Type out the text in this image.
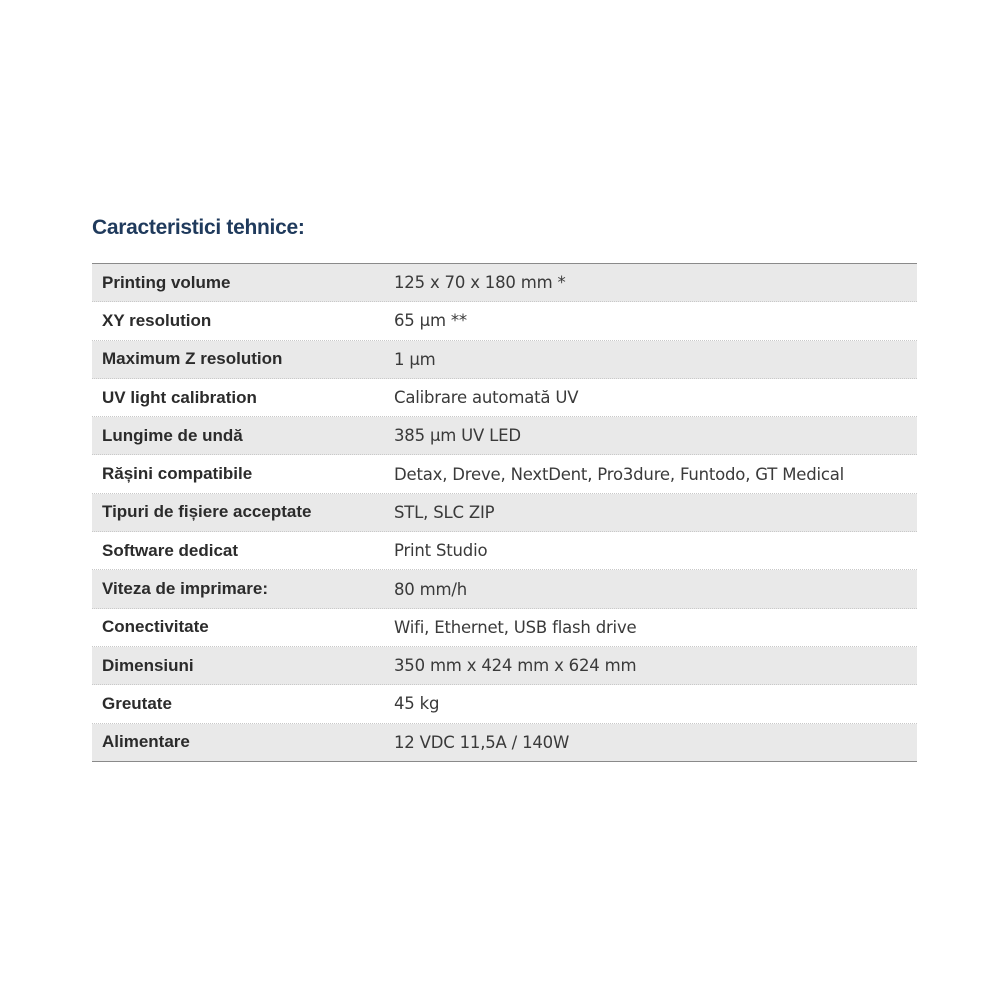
Caracteristici tehnice:
Printing volume	125 x 70 x 180 mm *
XY resolution	65 µm **
Maximum Z resolution	1 µm
UV light calibration	Calibrare automată UV
Lungime de undă	385 µm UV LED
Rășini compatibile	Detax, Dreve, NextDent, Pro3dure, Funtodo, GT Medical
Tipuri de fișiere acceptate	STL, SLC ZIP
Software dedicat	Print Studio
Viteza de imprimare:	80 mm/h
Conectivitate	Wifi, Ethernet, USB flash drive
Dimensiuni	350 mm x 424 mm x 624 mm
Greutate	45 kg
Alimentare	12 VDC 11,5A / 140W
